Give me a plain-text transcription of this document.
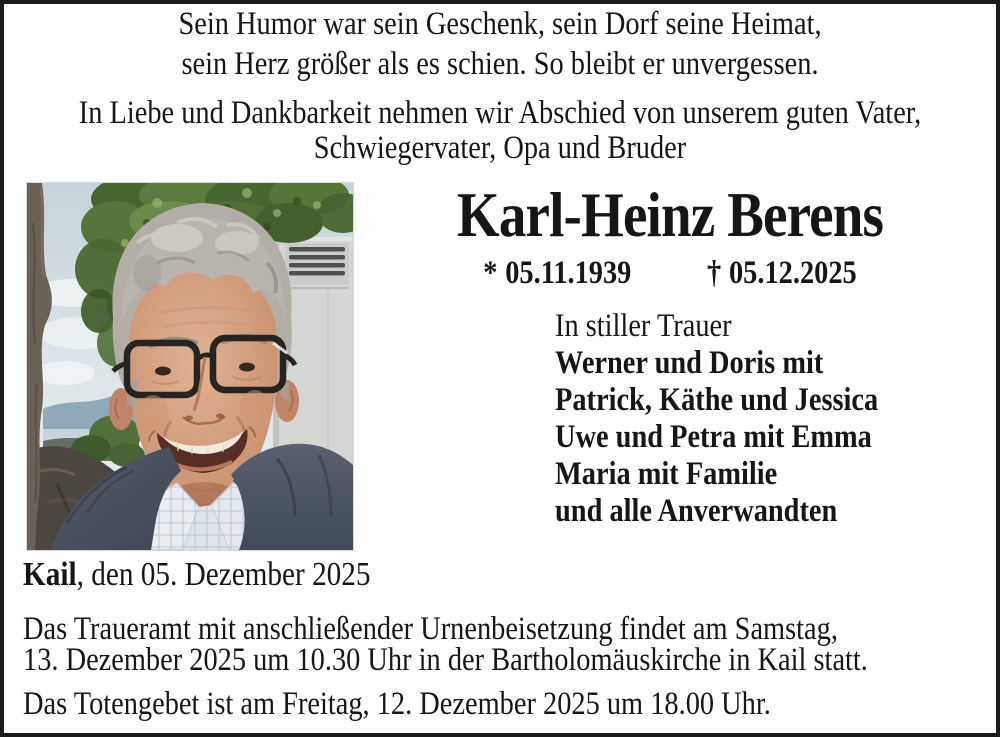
Sein Humor war sein Geschenk, sein Dorf seine Heimat,
sein Herz größer als es schien. So bleibt er unvergessen.
In Liebe und Dankbarkeit nehmen wir Abschied von unserem guten Vater,
Schwiegervater, Opa und Bruder
Karl-Heinz Berens
* 05.11.1939 † 05.12.2025
In stiller Trauer
Werner und Doris mit
Patrick, Käthe und Jessica
Uwe und Petra mit Emma
Maria mit Familie
und alle Anverwandten
Kail, den 05. Dezember 2025
Das Traueramt mit anschließender Urnenbeisetzung findet am Samstag,
13. Dezember 2025 um 10.30 Uhr in der Bartholomäuskirche in Kail statt.
Das Totengebet ist am Freitag, 12. Dezember 2025 um 18.00 Uhr.
